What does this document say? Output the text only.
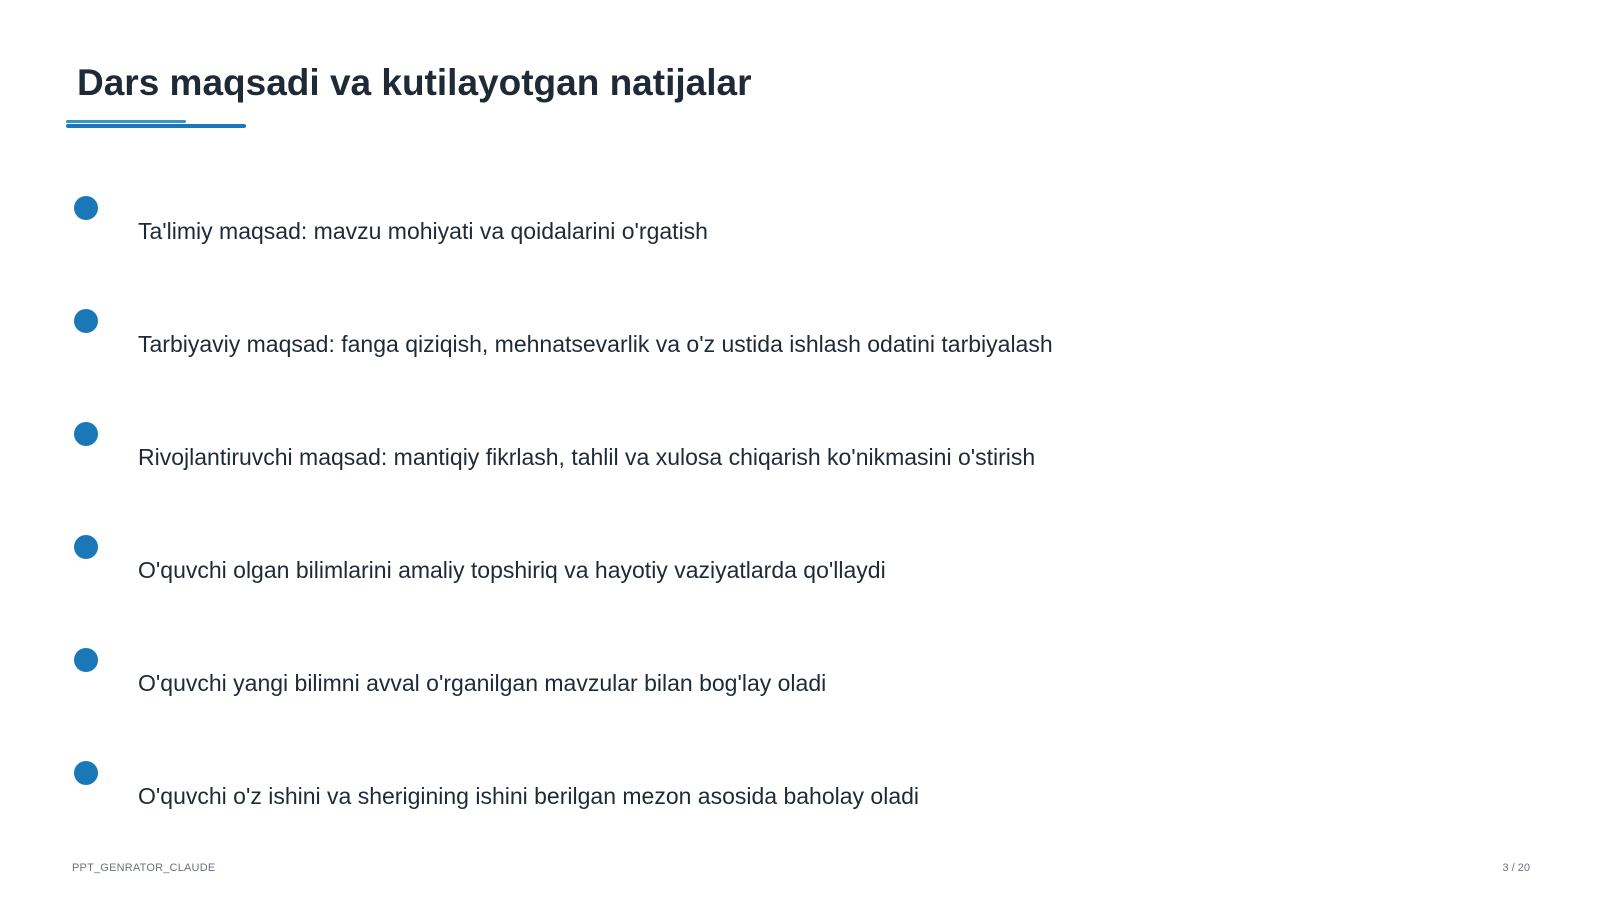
Dars maqsadi va kutilayotgan natijalar
Ta'limiy maqsad: mavzu mohiyati va qoidalarini o'rgatish
Tarbiyaviy maqsad: fanga qiziqish, mehnatsevarlik va o'z ustida ishlash odatini tarbiyalash
Rivojlantiruvchi maqsad: mantiqiy fikrlash, tahlil va xulosa chiqarish ko'nikmasini o'stirish
O'quvchi olgan bilimlarini amaliy topshiriq va hayotiy vaziyatlarda qo'llaydi
O'quvchi yangi bilimni avval o'rganilgan mavzular bilan bog'lay oladi
O'quvchi o'z ishini va sherigining ishini berilgan mezon asosida baholay oladi
PPT_GENRATOR_CLAUDE	3 / 20
